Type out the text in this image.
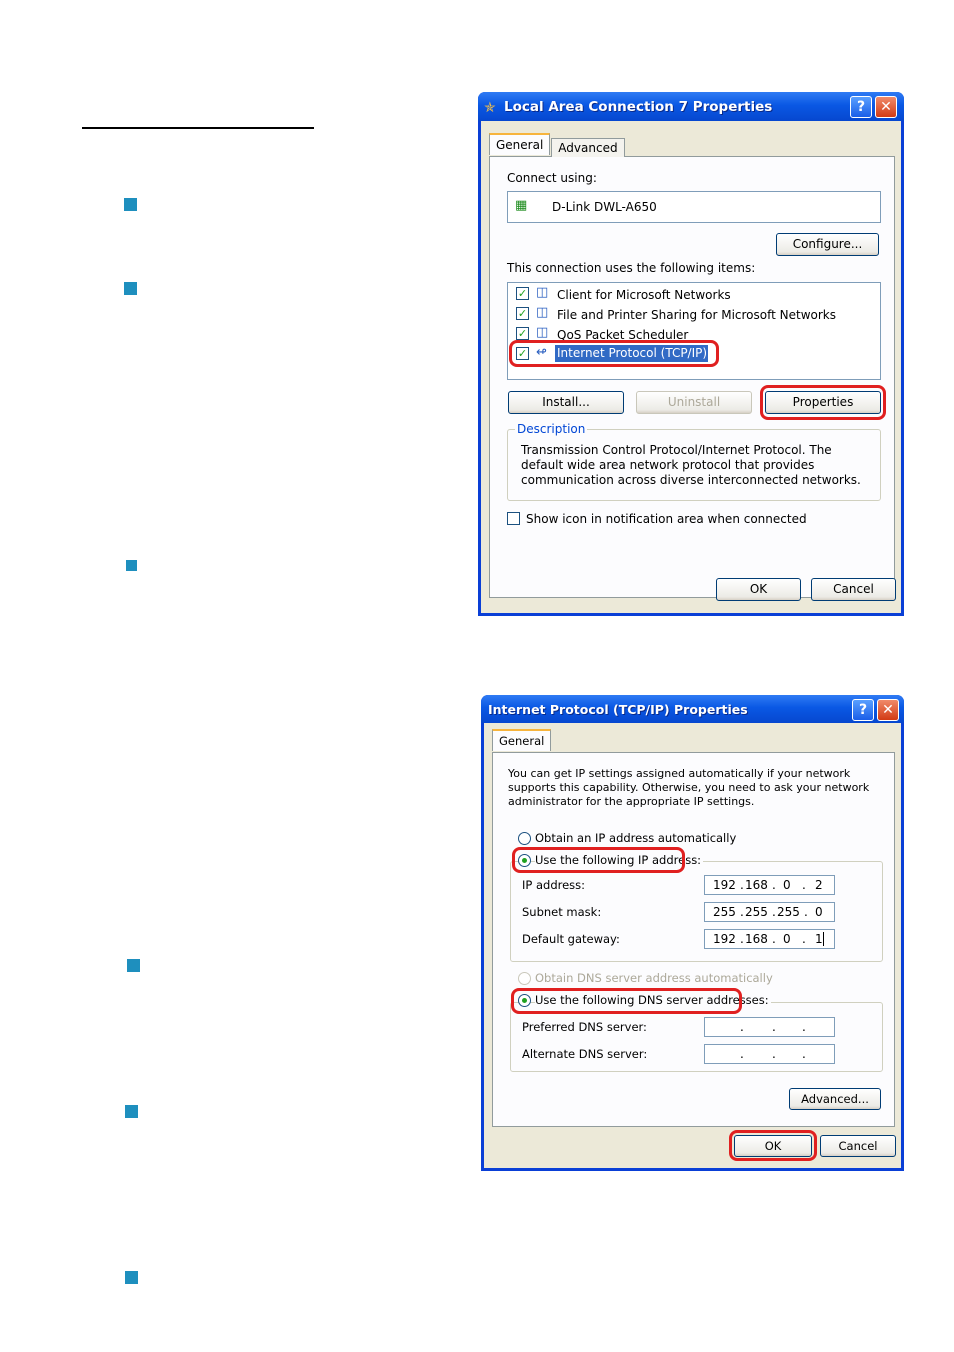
✯ Local Area Connection 7 Properties	?	✕
General	Advanced
Connect using:
▦ D-Link DWL-A650
Configure...
This connection uses the following items:
✓ ◫ Client for Microsoft Networks
✓ ◫ File and Printer Sharing for Microsoft Networks
✓ ◫ QoS Packet Scheduler
✓ ↫ Internet Protocol (TCP/IP)
Install...	Uninstall	Properties
Description
Transmission Control Protocol/Internet Protocol. The default wide area network protocol that provides communication across diverse interconnected networks.
Show icon in notification area when connected
OK	Cancel
Internet Protocol (TCP/IP) Properties	?	✕
General
You can get IP settings assigned automatically if your network supports this capability. Otherwise, you need to ask your network administrator for the appropriate IP settings.
Obtain an IP address automatically
Use the following IP address:
IP address:	192 . 168 . 0 . 2
Subnet mask:	255 . 255 . 255 . 0
Default gateway:	192 . 168 . 0 . 1
Obtain DNS server address automatically
Use the following DNS server addresses:
Preferred DNS server:	. . .
Alternate DNS server:	. . .
Advanced...
OK	Cancel
